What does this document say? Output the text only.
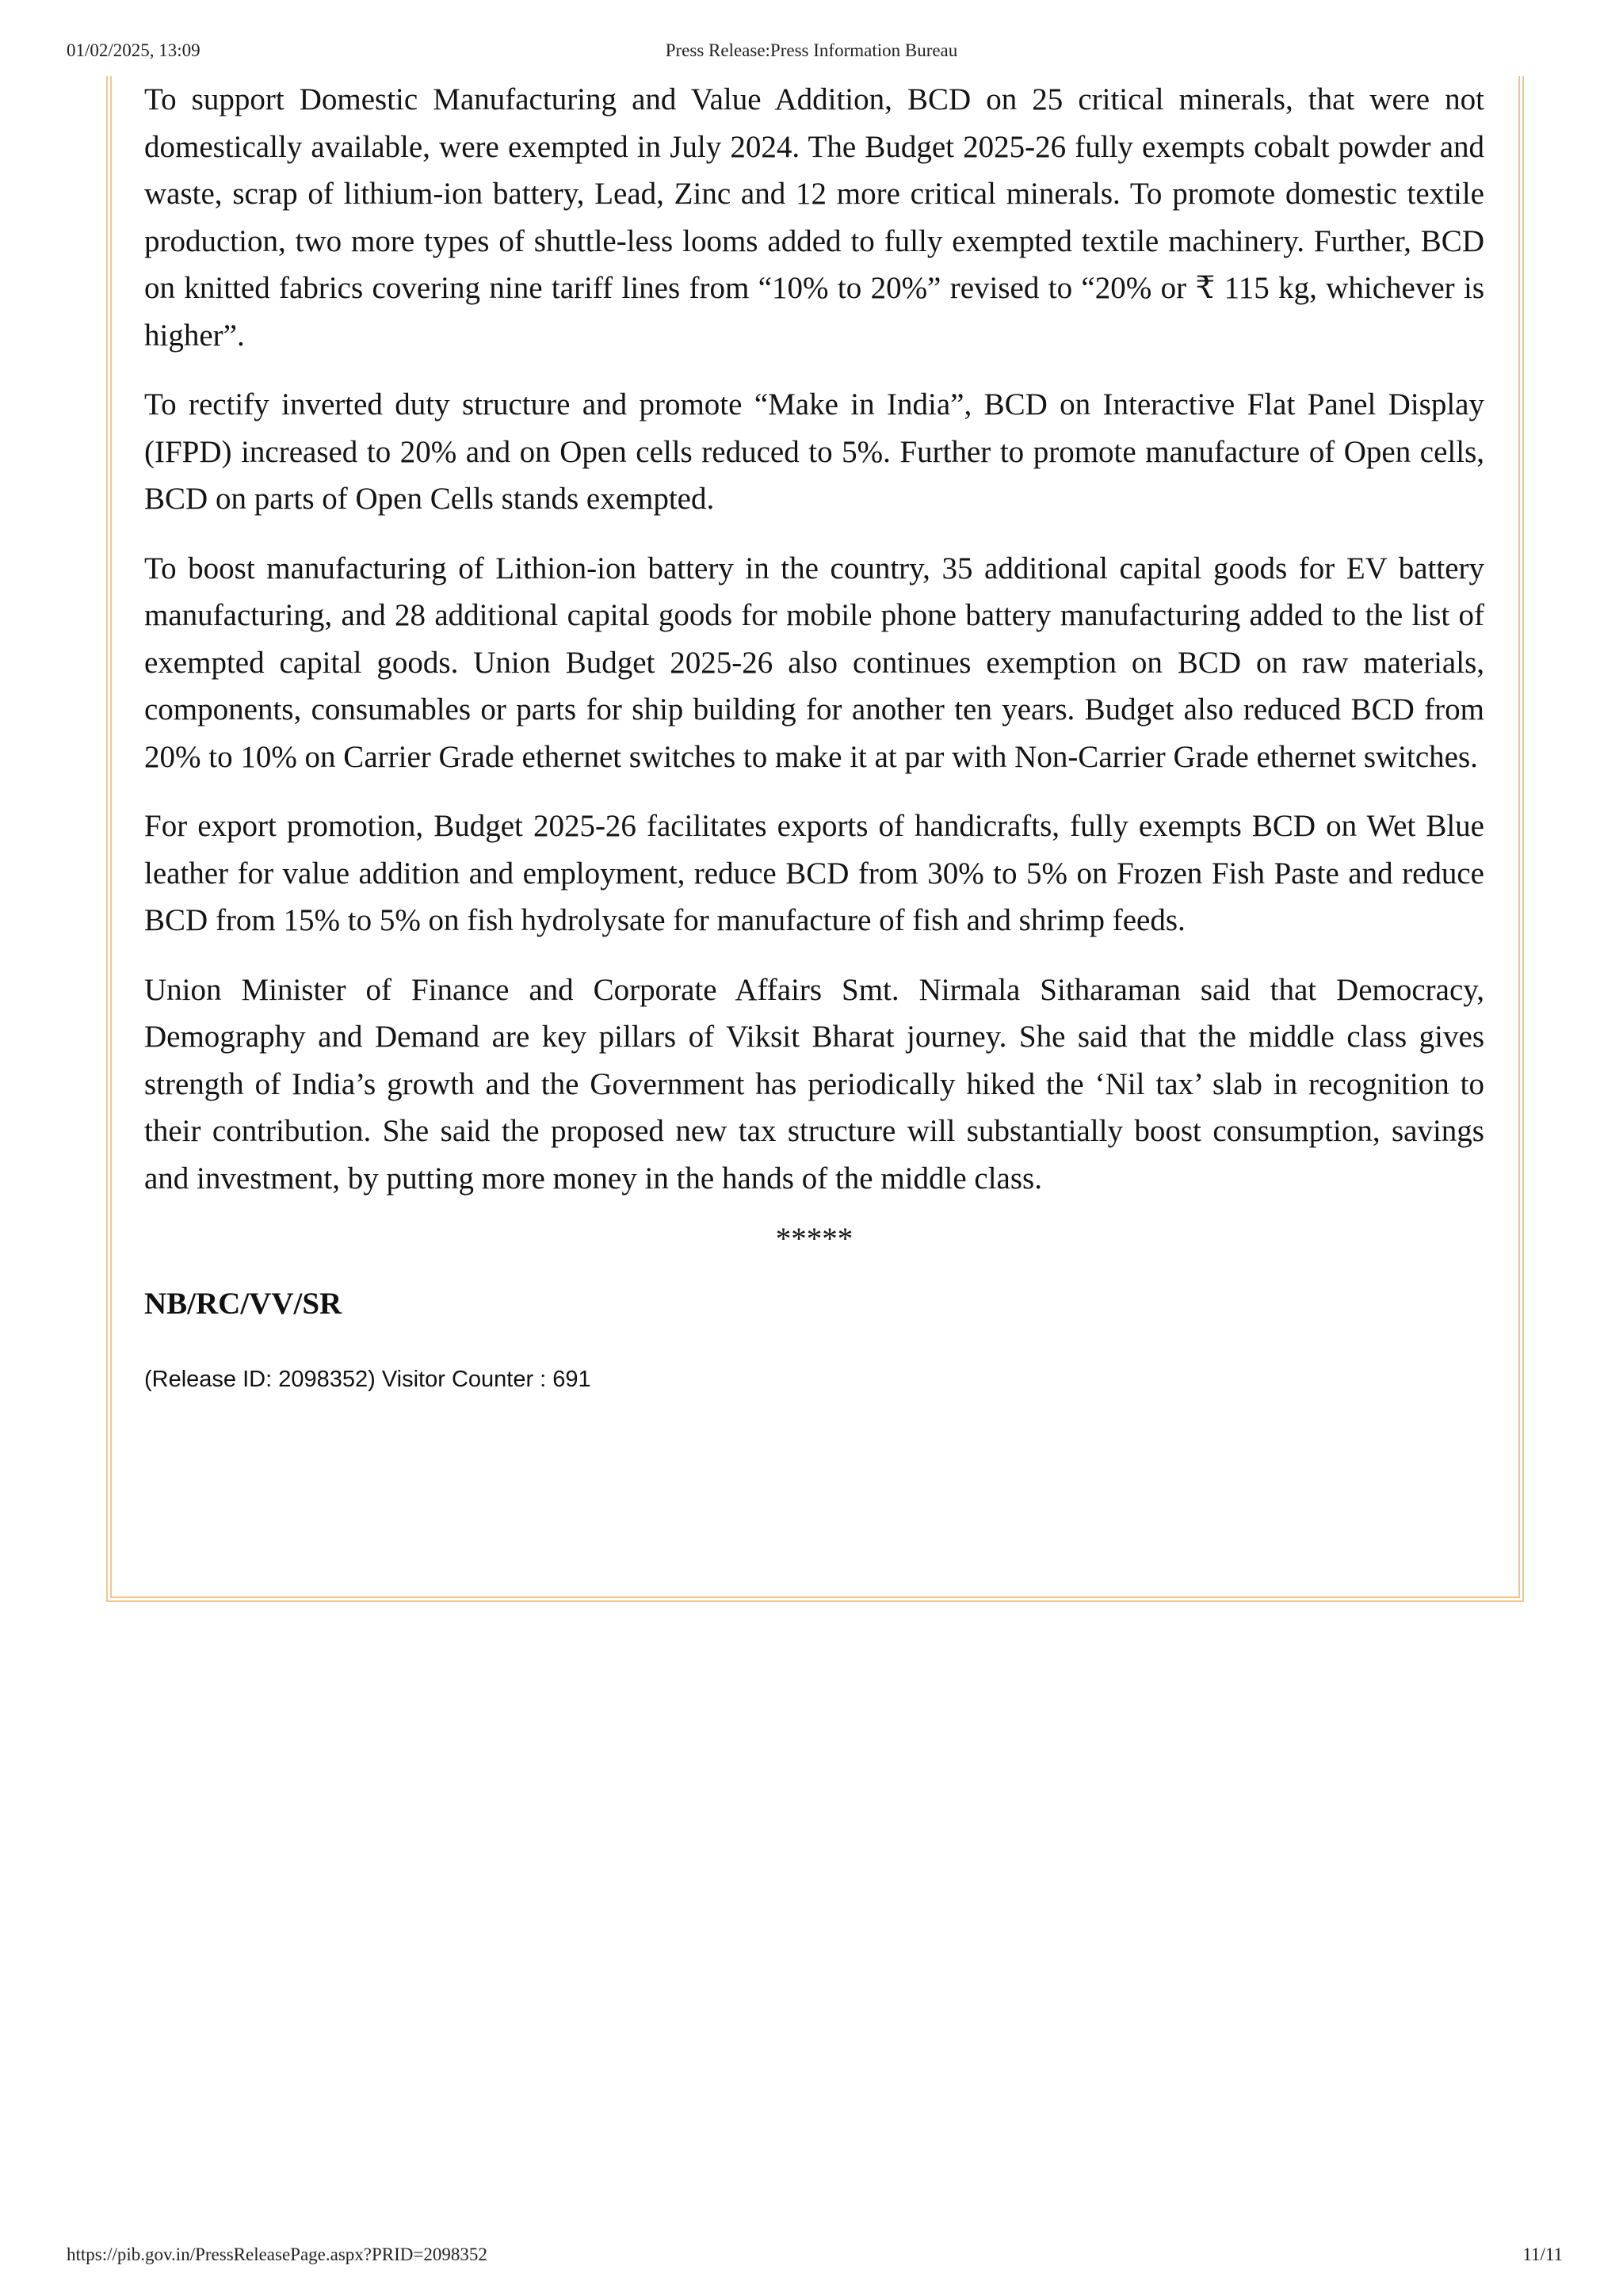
01/02/2025, 13:09	Press Release:Press Information Bureau

To support Domestic Manufacturing and Value Addition, BCD on 25 critical minerals, that were not domestically available, were exempted in July 2024. The Budget 2025-26 fully exempts cobalt powder and waste, scrap of lithium-ion battery, Lead, Zinc and 12 more critical minerals. To promote domestic textile production, two more types of shuttle-less looms added to fully exempted textile machinery. Further, BCD on knitted fabrics covering nine tariff lines from “10% to 20%” revised to “20% or ₹ 115 kg, whichever is higher”.

To rectify inverted duty structure and promote “Make in India”, BCD on Interactive Flat Panel Display (IFPD) increased to 20% and on Open cells reduced to 5%. Further to promote manufacture of Open cells, BCD on parts of Open Cells stands exempted.

To boost manufacturing of Lithion-ion battery in the country, 35 additional capital goods for EV battery manufacturing, and 28 additional capital goods for mobile phone battery manufacturing added to the list of exempted capital goods. Union Budget 2025-26 also continues exemption on BCD on raw materials, components, consumables or parts for ship building for another ten years. Budget also reduced BCD from 20% to 10% on Carrier Grade ethernet switches to make it at par with Non-Carrier Grade ethernet switches.

For export promotion, Budget 2025-26 facilitates exports of handicrafts, fully exempts BCD on Wet Blue leather for value addition and employment, reduce BCD from 30% to 5% on Frozen Fish Paste and reduce BCD from 15% to 5% on fish hydrolysate for manufacture of fish and shrimp feeds.

Union Minister of Finance and Corporate Affairs Smt. Nirmala Sitharaman said that Democracy, Demography and Demand are key pillars of Viksit Bharat journey. She said that the middle class gives strength of India’s growth and the Government has periodically hiked the ‘Nil tax’ slab in recognition to their contribution. She said the proposed new tax structure will substantially boost consumption, savings and investment, by putting more money in the hands of the middle class.

*****
NB/RC/VV/SR
(Release ID: 2098352) Visitor Counter : 691
https://pib.gov.in/PressReleasePage.aspx?PRID=2098352	11/11
